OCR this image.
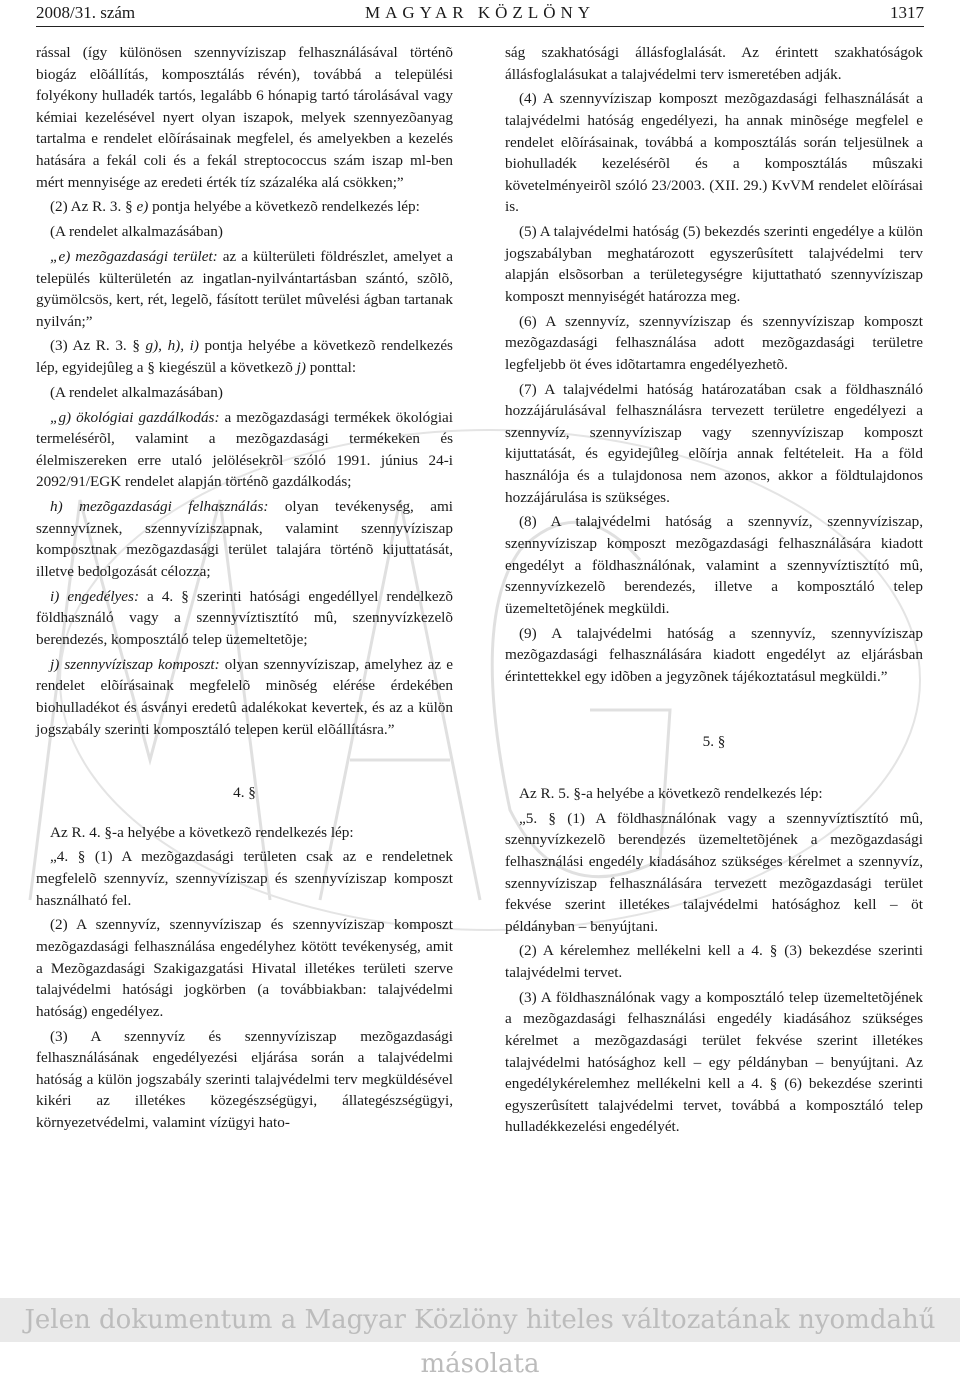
2008/31. szám	MAGYAR KÖZLÖNY	1317

rással (így különösen szennyvíziszap felhasználásával történõ biogáz elõállítás, komposztálás révén), továbbá a települési folyékony hulladék tartós, legalább 6 hónapig tartó tárolásával vagy kémiai kezelésével nyert olyan iszapok, melyek szennyezõanyag tartalma e rendelet elõírásainak megfelel, és amelyekben a kezelés hatására a fekál coli és a fekál streptococcus szám iszap ml-ben mért mennyisége az eredeti érték tíz százaléka alá csökken;”

(2) Az R. 3. § e) pontja helyébe a következõ rendelkezés lép:

(A rendelet alkalmazásában)

„e) mezõgazdasági terület: az a külterületi földrészlet, amelyet a település külterületén az ingatlan-nyilvántartásban szántó, szõlõ, gyümölcsös, kert, rét, legelõ, fásított terület mûvelési ágban tartanak nyilván;”

(3) Az R. 3. § g), h), i) pontja helyébe a következõ rendelkezés lép, egyidejûleg a § kiegészül a következõ j) ponttal:

(A rendelet alkalmazásában)

„g) ökológiai gazdálkodás: a mezõgazdasági termékek ökológiai termelésérõl, valamint a mezõgazdasági termékeken és élelmiszereken erre utaló jelölésekrõl szóló 1991. június 24-i 2092/91/EGK rendelet alapján történõ gazdálkodás;

h) mezõgazdasági felhasználás: olyan tevékenység, ami szennyvíznek, szennyvíziszapnak, valamint szennyvíziszap komposztnak mezõgazdasági terület talajára történõ kijuttatását, illetve bedolgozását célozza;

i) engedélyes: a 4. § szerinti hatósági engedéllyel rendelkezõ földhasználó vagy a szennyvíztisztító mû, szennyvízkezelõ berendezés, komposztáló telep üzemeltetõje;

j) szennyvíziszap komposzt: olyan szennyvíziszap, amelyhez az e rendelet elõírásainak megfelelõ minõség elérése érdekében biohulladékot és ásványi eredetû adalékokat kevertek, és az a külön jogszabály szerinti komposztáló telepen kerül elõállításra.”

4. §

Az R. 4. §-a helyébe a következõ rendelkezés lép:

„4. § (1) A mezõgazdasági területen csak az e rendeletnek megfelelõ szennyvíz, szennyvíziszap és szennyvíziszap komposzt használható fel.

(2) A szennyvíz, szennyvíziszap és szennyvíziszap komposzt mezõgazdasági felhasználása engedélyhez kötött tevékenység, amit a Mezõgazdasági Szakigazgatási Hivatal illetékes területi szerve talajvédelmi hatósági jogkörben (a továbbiakban: talajvédelmi hatóság) engedélyez.

(3) A szennyvíz és szennyvíziszap mezõgazdasági felhasználásának engedélyezési eljárása során a talajvédelmi hatóság a külön jogszabály szerinti talajvédelmi terv megküldésével kikéri az illetékes közegészségügyi, állategészségügyi, környezetvédelmi, valamint vízügyi hato-

ság szakhatósági állásfoglalását. Az érintett szakhatóságok állásfoglalásukat a talajvédelmi terv ismeretében adják.

(4) A szennyvíziszap komposzt mezõgazdasági felhasználását a talajvédelmi hatóság engedélyezi, ha annak minõsége megfelel e rendelet elõírásainak, továbbá a komposztálás során teljesülnek a biohulladék kezelésérõl és a komposztálás mûszaki követelményeirõl szóló 23/2003. (XII. 29.) KvVM rendelet elõírásai is.

(5) A talajvédelmi hatóság (5) bekezdés szerinti engedélye a külön jogszabályban meghatározott egyszerûsített talajvédelmi terv alapján elsõsorban a területegységre kijuttatható szennyvíziszap komposzt mennyiségét határozza meg.

(6) A szennyvíz, szennyvíziszap és szennyvíziszap komposzt mezõgazdasági felhasználása adott mezõgazdasági területre legfeljebb öt éves idõtartamra engedélyezhetõ.

(7) A talajvédelmi hatóság határozatában csak a földhasználó hozzájárulásával felhasználásra tervezett területre engedélyezi a szennyvíz, szennyvíziszap vagy szennyvíziszap komposzt kijuttatását, és egyidejûleg elõírja annak feltételeit. Ha a föld használója és a tulajdonosa nem azonos, akkor a földtulajdonos hozzájárulása is szükséges.

(8) A talajvédelmi hatóság a szennyvíz, szennyvíziszap, szennyvíziszap komposzt mezõgazdasági felhasználására kiadott engedélyt a földhasználónak, valamint a szennyvíztisztító mû, szennyvízkezelõ berendezés, illetve a komposztáló telep üzemeltetõjének megküldi.

(9) A talajvédelmi hatóság a szennyvíz, szennyvíziszap mezõgazdasági felhasználására kiadott engedélyt az eljárásban érintettekkel egy idõben a jegyzõnek tájékoztatásul megküldi.”

5. §

Az R. 5. §-a helyébe a következõ rendelkezés lép:

„5. § (1) A földhasználónak vagy a szennyvíztisztító mû, szennyvízkezelõ berendezés üzemeltetõjének a mezõgazdasági felhasználási engedély kiadásához szükséges kérelmet a szennyvíz, szennyvíziszap felhasználására tervezett mezõgazdasági terület fekvése szerint illetékes talajvédelmi hatósághoz kell – öt példányban – benyújtani.

(2) A kérelemhez mellékelni kell a 4. § (3) bekezdése szerinti talajvédelmi tervet.

(3) A földhasználónak vagy a komposztáló telep üzemeltetõjének a mezõgazdasági felhasználási engedély kiadásához szükséges kérelmet a mezõgazdasági terület fekvése szerint illetékes talajvédelmi hatósághoz kell – egy példányban – benyújtani. Az engedélykérelemhez mellékelni kell a 4. § (6) bekezdése szerinti egyszerûsített talajvédelmi tervet, továbbá a komposztáló telep hulladékkezelési engedélyét.

Jelen dokumentum a Magyar Közlöny hiteles változatának nyomdahű másolata
